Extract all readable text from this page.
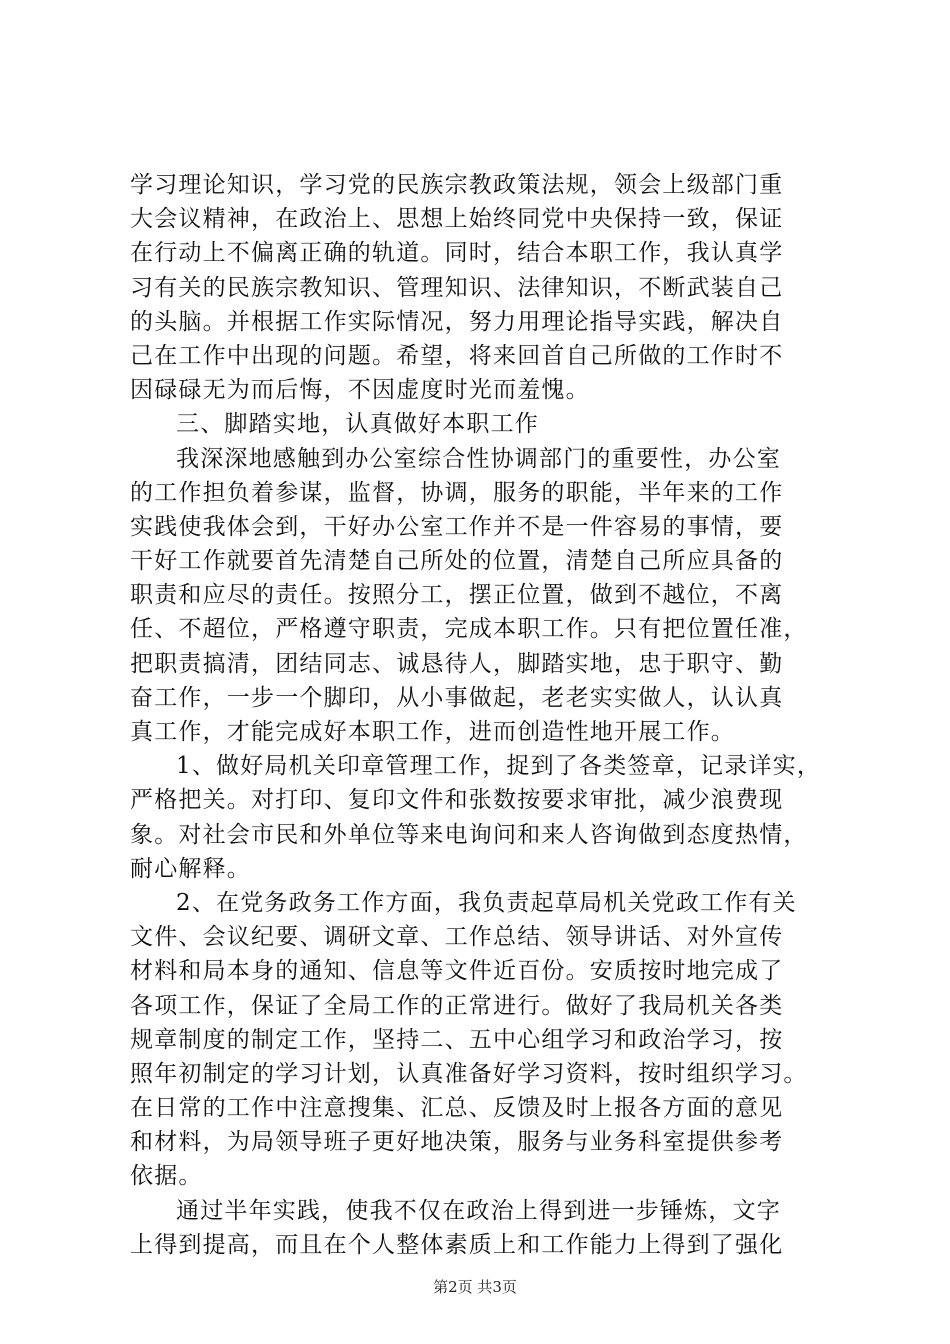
学习理论知识，学习党的民族宗教政策法规，领会上级部门重
大会议精神，在政治上、思想上始终同党中央保持一致，保证
在行动上不偏离正确的轨道。同时，结合本职工作，我认真学
习有关的民族宗教知识、管理知识、法律知识，不断武装自己
的头脑。并根据工作实际情况，努力用理论指导实践，解决自
己在工作中出现的问题。希望，将来回首自己所做的工作时不
因碌碌无为而后悔，不因虚度时光而羞愧。
三、脚踏实地，认真做好本职工作
我深深地感触到办公室综合性协调部门的重要性，办公室
的工作担负着参谋，监督，协调，服务的职能，半年来的工作
实践使我体会到，干好办公室工作并不是一件容易的事情，要
干好工作就要首先清楚自己所处的位置，清楚自己所应具备的
职责和应尽的责任。按照分工，摆正位置，做到不越位，不离
任、不超位，严格遵守职责，完成本职工作。只有把位置任准，
把职责搞清，团结同志、诚恳待人，脚踏实地，忠于职守、勤
奋工作，一步一个脚印，从小事做起，老老实实做人，认认真
真工作，才能完成好本职工作，进而创造性地开展工作。
1、做好局机关印章管理工作，捉到了各类签章，记录详实，
严格把关。对打印、复印文件和张数按要求审批，减少浪费现
象。对社会市民和外单位等来电询问和来人咨询做到态度热情，
耐心解释。
2、在党务政务工作方面，我负责起草局机关党政工作有关
文件、会议纪要、调研文章、工作总结、领导讲话、对外宣传
材料和局本身的通知、信息等文件近百份。安质按时地完成了
各项工作，保证了全局工作的正常进行。做好了我局机关各类
规章制度的制定工作，坚持二、五中心组学习和政治学习，按
照年初制定的学习计划，认真准备好学习资料，按时组织学习。
在日常的工作中注意搜集、汇总、反馈及时上报各方面的意见
和材料，为局领导班子更好地决策，服务与业务科室提供参考
依据。
通过半年实践，使我不仅在政治上得到进一步锤炼，文字
上得到提高，而且在个人整体素质上和工作能力上得到了强化
第2页 共3页
